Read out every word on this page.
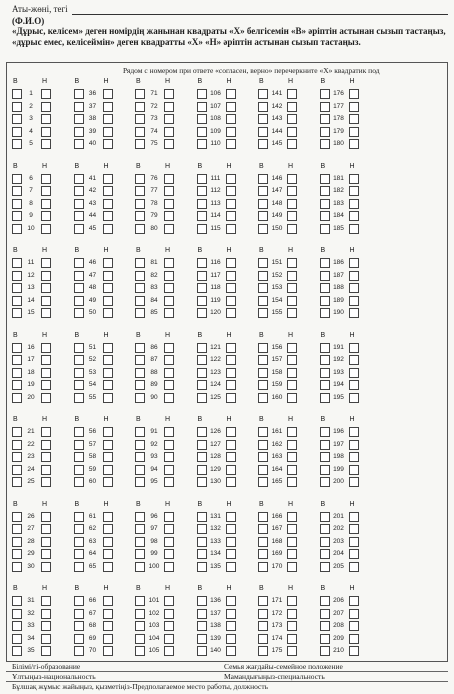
Аты-жөні, тегі
(Ф.И.О)
«Дұрыс, келісем» деген номірдің жанынан квадраты «Х» белгісемін «В» әріптін астынан сызып тастаңыз, «дұрыс емес, келісеймін» деген квадратты «Х» «Н» әріптін астынан сызып тастаңыз.
Рядом с номером при ответе «согласен, верно» перечеркните «Х» квадратик под
В	Н
1
2
3
4
5
В	Н
36
37
38
39
40
В	Н
71
72
73
74
75
В	Н
106
107
108
109
110
В	Н
141
142
143
144
145
В	Н
176
177
178
179
180
В	Н
6
7
8
9
10
В	Н
41
42
43
44
45
В	Н
76
77
78
79
80
В	Н
111
112
113
114
115
В	Н
146
147
148
149
150
В	Н
181
182
183
184
185
В	Н
11
12
13
14
15
В	Н
46
47
48
49
50
В	Н
81
82
83
84
85
В	Н
116
117
118
119
120
В	Н
151
152
153
154
155
В	Н
186
187
188
189
190
В	Н
16
17
18
19
20
В	Н
51
52
53
54
55
В	Н
86
87
88
89
90
В	Н
121
122
123
124
125
В	Н
156
157
158
159
160
В	Н
191
192
193
194
195
В	Н
21
22
23
24
25
В	Н
56
57
58
59
60
В	Н
91
92
93
94
95
В	Н
126
127
128
129
130
В	Н
161
162
163
164
165
В	Н
196
197
198
199
200
В	Н
26
27
28
29
30
В	Н
61
62
63
64
65
В	Н
96
97
98
99
100
В	Н
131
132
133
134
135
В	Н
166
167
168
169
170
В	Н
201
202
203
204
205
В	Н
31
32
33
34
35
В	Н
66
67
68
69
70
В	Н
101
102
103
104
105
В	Н
136
137
138
139
140
В	Н
171
172
173
174
175
В	Н
206
207
208
209
210
Білімі/гі-образование	Семья жағдайы-семейное положение
Ұлтыңыз-национальность	Мамандығыңыз-специальность
Бұлшақ жұмыс жайыңыз, қызметіңіз-Предполагаемое место работы, должность
